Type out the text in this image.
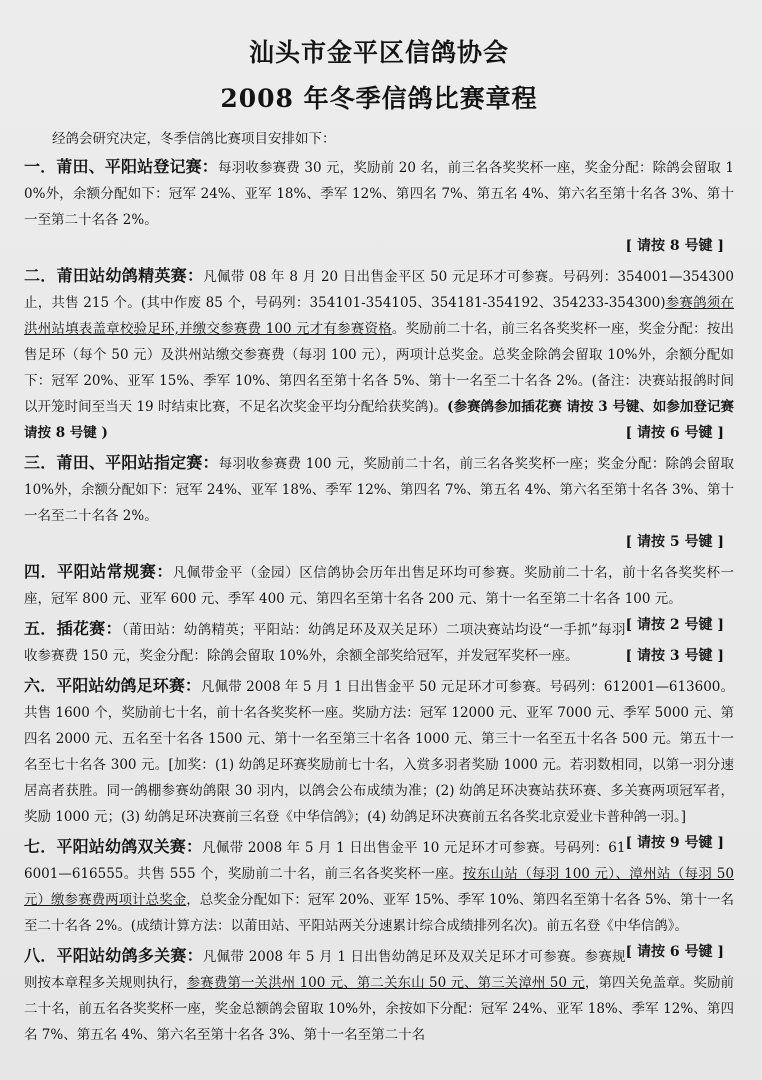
汕头市金平区信鸽协会
2008 年冬季信鸽比赛章程

经鸽会研究决定，冬季信鸽比赛项目安排如下：

一．莆田、平阳站登记赛：每羽收参赛费 30 元，奖励前 20 名，前三名各奖奖杯一座，奖金分配：除鸽会留取 10%外，余额分配如下：冠军 24%、亚军 18%、季军 12%、第四名 7%、第五名 4%、第六名至第十名各 3%、第十一至第二十名各 2%。
[ 请按 8 号键 ]
二．莆田站幼鸽精英赛：凡佩带 08 年 8 月 20 日出售金平区 50 元足环才可参赛。号码列：354001—354300 止，共售 215 个。(其中作废 85 个，号码列：354101-354105、354181-354192、354233-354300)参赛鸽须在洪州站填表盖章校验足环,并缴交参赛费 100 元才有参赛资格。奖励前二十名，前三名各奖奖杯一座，奖金分配：按出售足环（每个 50 元）及洪州站缴交参赛费（每羽 100 元），两项计总奖金。总奖金除鸽会留取 10%外，余额分配如下：冠军 20%、亚军 15%、季军 10%、第四名至第十名各 5%、第十一名至二十名各 2%。(备注：决赛站报鸽时间以开笼时间至当天 19 时结束比赛，不足名次奖金平均分配给获奖鸽)。(参赛鸽参加插花赛 请按 3 号键、如参加登记赛请按 8 号键 )	[ 请按 6 号键 ]
三．莆田、平阳站指定赛：每羽收参赛费 100 元，奖励前二十名，前三名各奖奖杯一座；奖金分配：除鸽会留取 10%外，余额分配如下：冠军 24%、亚军 18%、季军 12%、第四名 7%、第五名 4%、第六名至第十名各 3%、第十一名至二十名各 2%。
[ 请按 5 号键 ]
四．平阳站常规赛：凡佩带金平（金园）区信鸽协会历年出售足环均可参赛。奖励前二十名，前十名各奖奖杯一座，冠军 800 元、亚军 600 元、季军 400 元、第四名至第十名各 200 元、第十一名至第二十名各 100 元。
[ 请按 2 号键 ]
五．插花赛：（莆田站：幼鸽精英；平阳站：幼鸽足环及双关足环）二项决赛站均设“一手抓”每羽收参赛费 150 元，奖金分配：除鸽会留取 10%外，余额全部奖给冠军，并发冠军奖杯一座。	[ 请按 3 号键 ]
六．平阳站幼鸽足环赛：凡佩带 2008 年 5 月 1 日出售金平 50 元足环才可参赛。号码列：612001—613600。共售 1600 个，奖励前七十名，前十名各奖奖杯一座。奖励方法：冠军 12000 元、亚军 7000 元、季军 5000 元、第四名 2000 元、五名至十名各 1500 元、第十一名至第三十名各 1000 元、第三十一名至五十名各 500 元。第五十一名至七十名各 300 元。[加奖：(1) 幼鸽足环赛奖励前七十名，入赏多羽者奖励 1000 元。若羽数相同，以第一羽分速居高者获胜。同一鸽棚参赛幼鸽限 30 羽内，以鸽会公布成绩为准；(2) 幼鸽足环决赛站获环赛、多关赛两项冠军者，奖励 1000 元；(3) 幼鸽足环决赛前三名登《中华信鸽》；(4) 幼鸽足环决赛前五名各奖北京爱业卡普种鸽一羽。]
[ 请按 9 号键 ]
七．平阳站幼鸽双关赛：凡佩带 2008 年 5 月 1 日出售金平 10 元足环才可参赛。号码列：616001—616555。共售 555 个，奖励前二十名，前三名各奖奖杯一座。按东山站（每羽 100 元）、漳州站（每羽 50 元）缴参赛费两项计总奖金，总奖金分配如下：冠军 20%、亚军 15%、季军 10%、第四名至第十名各 5%、第十一名至二十名各 2%。(成绩计算方法：以莆田站、平阳站两关分速累计综合成绩排列名次)。前五名登《中华信鸽》。
[ 请按 6 号键 ]
八．平阳站幼鸽多关赛：凡佩带 2008 年 5 月 1 日出售幼鸽足环及双关足环才可参赛。参赛规则按本章程多关规则执行，参赛费第一关洪州 100 元、第二关东山 50 元、第三关漳州 50 元，第四关免盖章。奖励前二十名，前五名各奖奖杯一座，奖金总额鸽会留取 10%外，余按如下分配：冠军 24%、亚军 18%、季军 12%、第四名 7%、第五名 4%、第六名至第十名各 3%、第十一名至第二十名
